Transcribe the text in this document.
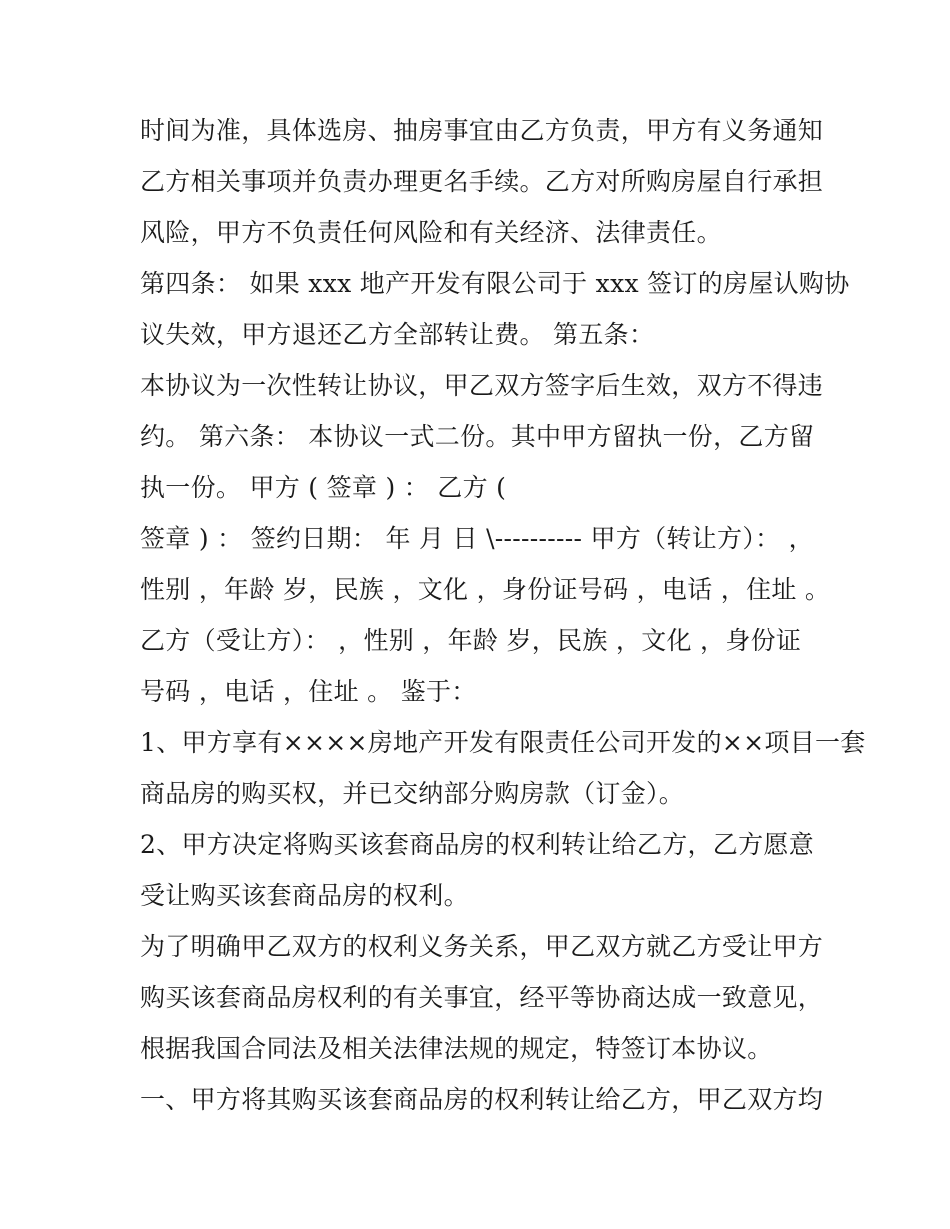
时间为准，具体选房、抽房事宜由乙方负责，甲方有义务通知
乙方相关事项并负责办理更名手续。乙方对所购房屋自行承担
风险，甲方不负责任何风险和有关经济、法律责任。
第四条： 如果 xxx 地产开发有限公司于 xxx 签订的房屋认购协
议失效，甲方退还乙方全部转让费。 第五条：
本协议为一次性转让协议，甲乙双方签字后生效，双方不得违
约。 第六条： 本协议一式二份。其中甲方留执一份，乙方留
执一份。 甲方 ( 签章 ) ： 乙方 (
签章 ) ： 签约日期： 年 月 日 \---------- 甲方（转让方）： ，
性别 ，年龄 岁，民族 ，文化 ，身份证号码 ，电话 ，住址 。
乙方（受让方）： ，性别 ，年龄 岁，民族 ，文化 ，身份证
号码 ，电话 ，住址 。 鉴于：
1、甲方享有××××房地产开发有限责任公司开发的××项目一套
商品房的购买权，并已交纳部分购房款（订金）。
2、甲方决定将购买该套商品房的权利转让给乙方，乙方愿意
受让购买该套商品房的权利。
为了明确甲乙双方的权利义务关系，甲乙双方就乙方受让甲方
购买该套商品房权利的有关事宜，经平等协商达成一致意见，
根据我国合同法及相关法律法规的规定，特签订本协议。
一、甲方将其购买该套商品房的权利转让给乙方，甲乙双方均
